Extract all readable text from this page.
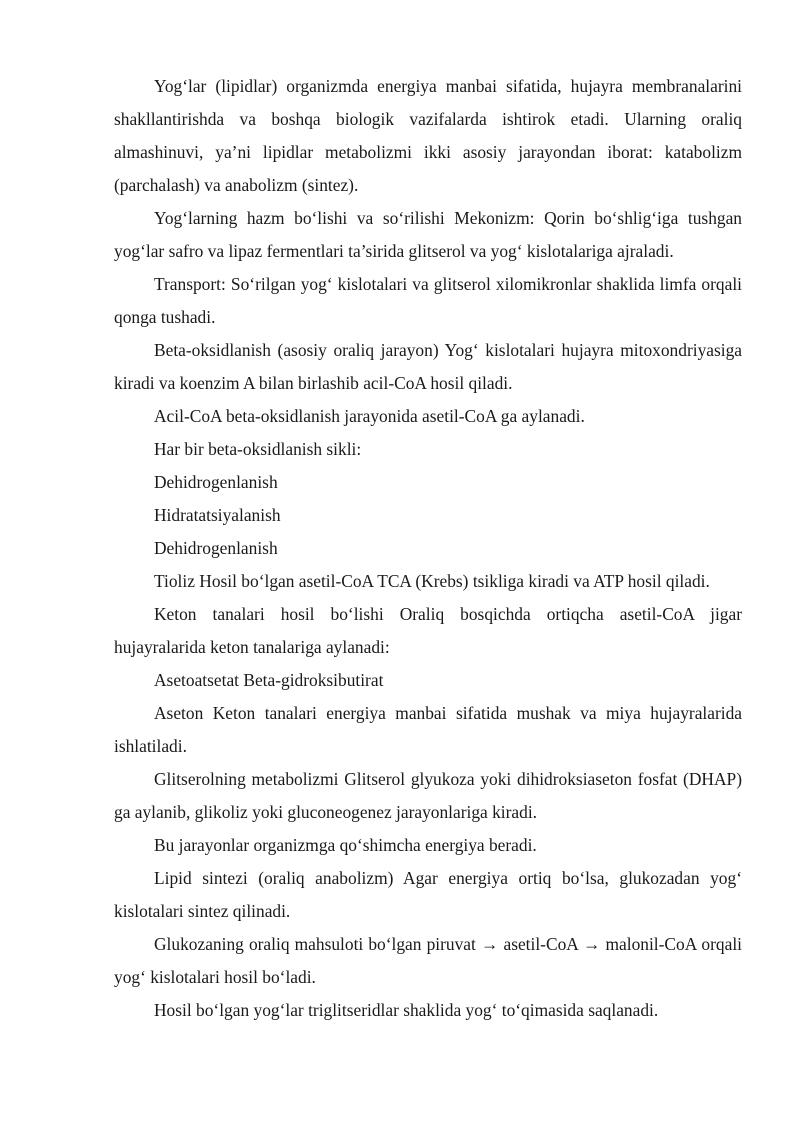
Yog‘lar (lipidlar) organizmda energiya manbai sifatida, hujayra membranalarini shakllantirishda va boshqa biologik vazifalarda ishtirok etadi. Ularning oraliq almashinuvi, ya’ni lipidlar metabolizmi ikki asosiy jarayondan iborat: katabolizm (parchalash) va anabolizm (sintez).

Yog‘larning hazm bo‘lishi va so‘rilishi Mekonizm: Qorin bo‘shlig‘iga tushgan yog‘lar safro va lipaz fermentlari ta’sirida glitserol va yog‘ kislotalariga ajraladi.

Transport: So‘rilgan yog‘ kislotalari va glitserol xilomikronlar shaklida limfa orqali qonga tushadi.

Beta-oksidlanish (asosiy oraliq jarayon) Yog‘ kislotalari hujayra mitoxondriyasiga kiradi va koenzim A bilan birlashib acil-CoA hosil qiladi.

Acil-CoA beta-oksidlanish jarayonida asetil-CoA ga aylanadi.

Har bir beta-oksidlanish sikli:

Dehidrogenlanish

Hidratatsiyalanish

Dehidrogenlanish

Tioliz Hosil bo‘lgan asetil-CoA TCA (Krebs) tsikliga kiradi va ATP hosil qiladi.

Keton tanalari hosil bo‘lishi Oraliq bosqichda ortiqcha asetil-CoA jigar hujayralarida keton tanalariga aylanadi:

Asetoatsetat Beta-gidroksibutirat

Aseton Keton tanalari energiya manbai sifatida mushak va miya hujayralarida ishlatiladi.

Glitserolning metabolizmi Glitserol glyukoza yoki dihidroksiaseton fosfat (DHAP) ga aylanib, glikoliz yoki gluconeogenez jarayonlariga kiradi.

Bu jarayonlar organizmga qo‘shimcha energiya beradi.

Lipid sintezi (oraliq anabolizm) Agar energiya ortiq bo‘lsa, glukozadan yog‘ kislotalari sintez qilinadi.

Glukozaning oraliq mahsuloti bo‘lgan piruvat → asetil-CoA → malonil-CoA orqali yog‘ kislotalari hosil bo‘ladi.

Hosil bo‘lgan yog‘lar triglitseridlar shaklida yog‘ to‘qimasida saqlanadi.
